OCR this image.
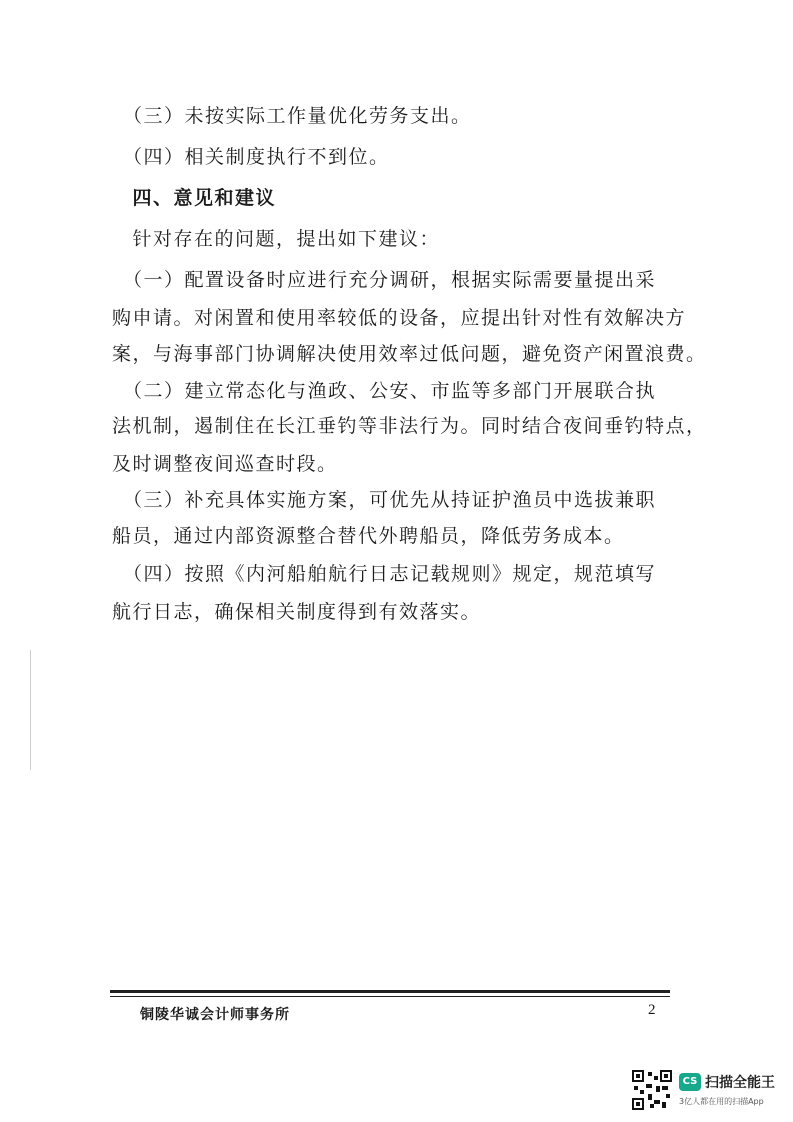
　（三）未按实际工作量优化劳务支出。
　（四）相关制度执行不到位。
　四、意见和建议
　针对存在的问题，提出如下建议：
　（一）配置设备时应进行充分调研，根据实际需要量提出采
购申请。对闲置和使用率较低的设备，应提出针对性有效解决方
案，与海事部门协调解决使用效率过低问题，避免资产闲置浪费。
　（二）建立常态化与渔政、公安、市监等多部门开展联合执
法机制，遏制住在长江垂钓等非法行为。同时结合夜间垂钓特点，
及时调整夜间巡查时段。
　（三）补充具体实施方案，可优先从持证护渔员中选拔兼职
船员，通过内部资源整合替代外聘船员，降低劳务成本。
　（四）按照《内河船舶航行日志记载规则》规定，规范填写
航行日志，确保相关制度得到有效落实。
铜陵华诚会计师事务所	2
CS 扫描全能王
3亿人都在用的扫描App
